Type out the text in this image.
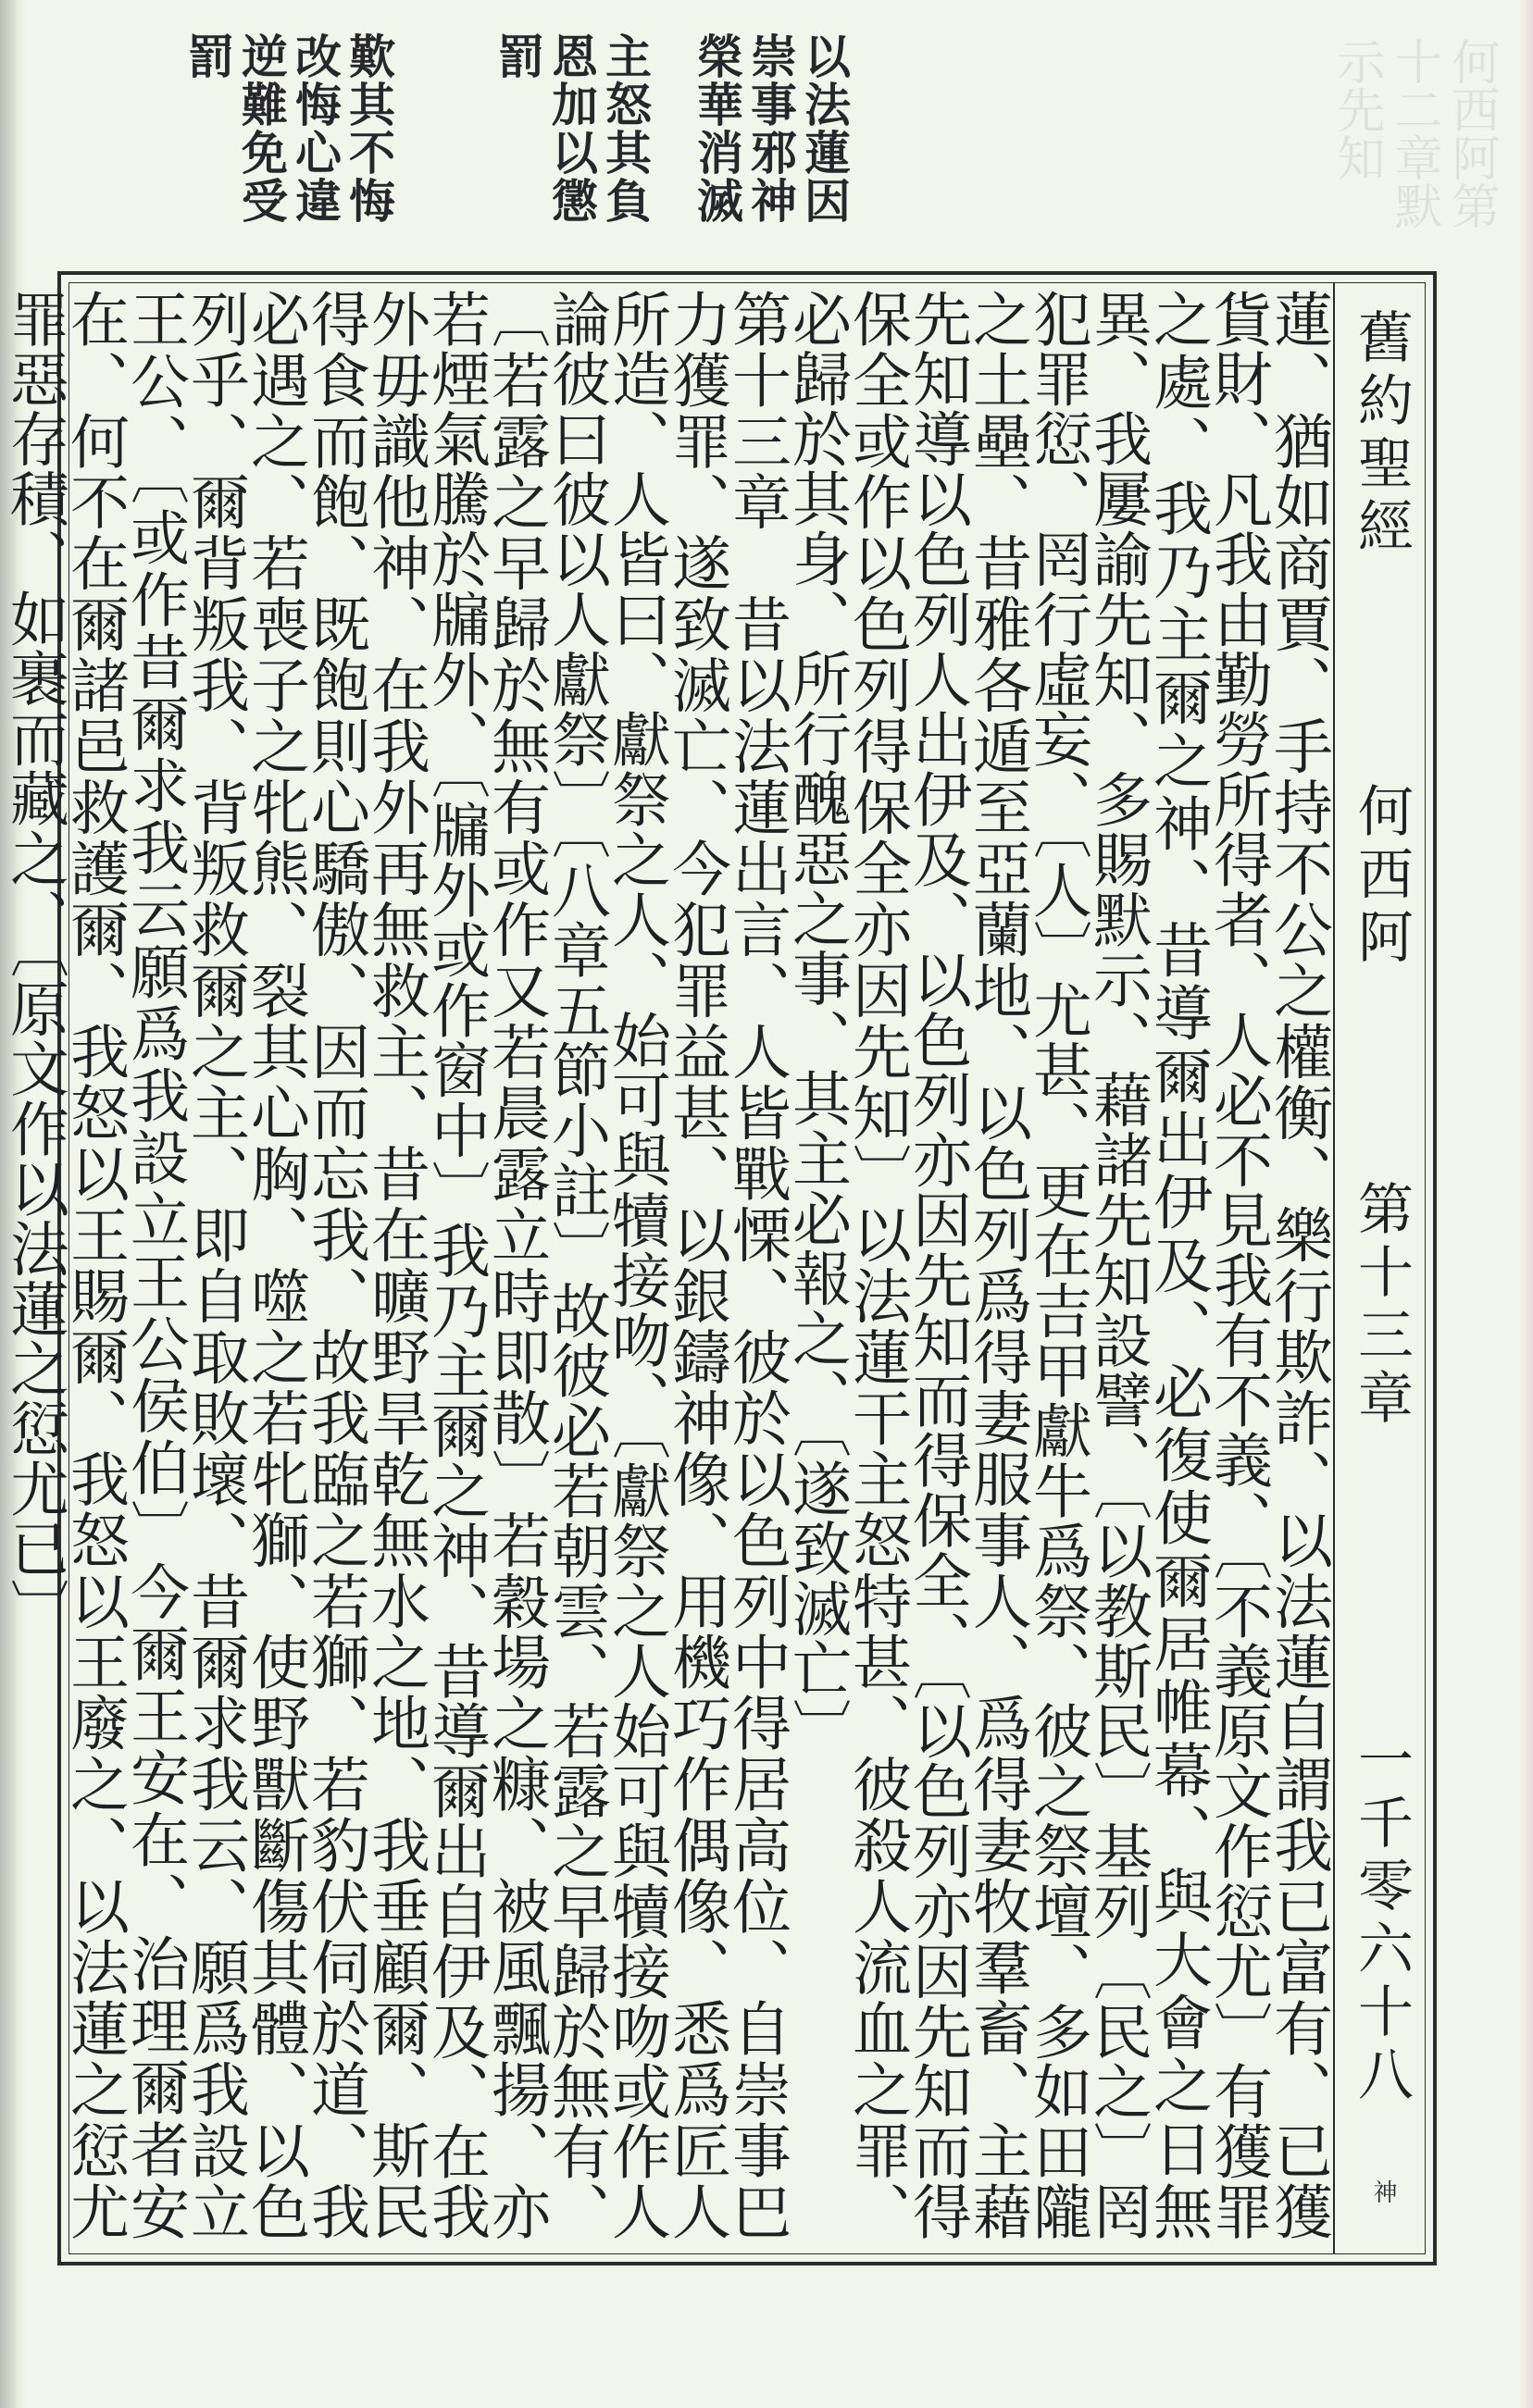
何西阿第十二章默示先知
以法蓮因崇事邪神榮華消滅
主怒其負恩加以懲罰
歎其不悔改悔心違逆難免受罰
舊約聖經
何西阿
第十三章
一千零六十八
神

蓮、猶如商賈、手持不公之權衡、樂行欺詐、以法蓮自謂我已富有、已獲貨財、凡我由勤勞所得者、人必不見我有不義、〔不義原文作愆尤〕有獲罪之處、我乃主爾之神、昔導爾出伊及、必復使爾居帷幕、與大會之日無異、我屢諭先知、多賜默示、藉諸先知設譬、〔以教斯民〕基列〔民之〕罔犯罪愆、罔行虛妄、〔人〕尤甚、更在吉甲獻牛爲祭、彼之祭壇、多如田隴之土壘、昔雅各遁至亞蘭地、以色列爲得妻服事人、爲得妻牧羣畜、主藉先知導以色列人出伊及、以色列亦因先知而得保全、〔以色列亦因先知而得保全或作以色列得保全亦因先知〕以法蓮干主怒特甚、彼殺人流血之罪、必歸於其身、所行醜惡之事、其主必報之、〔遂致滅亡〕

第十三章　昔以法蓮出言、人皆戰慄、彼於以色列中得居高位、自崇事巴力獲罪、遂致滅亡、今犯罪益甚、以銀鑄神像、用機巧作偶像、悉爲匠人所造、人皆曰、獻祭之人、始可與犢接吻、〔獻祭之人始可與犢接吻或作人論彼曰彼以人獻祭〕〔八章五節小註〕故彼必若朝雲、若露之早歸於無有、〔若露之早歸於無有或作又若晨露立時即散〕若穀場之糠、被風飄揚、亦若煙氣騰於牖外、〔牖外或作窗中〕我乃主爾之神、昔導爾出自伊及、在我外毋識他神、在我外再無救主、昔在曠野旱乾無水之地、我垂顧爾、斯民得食而飽、既飽則心驕傲、因而忘我、故我臨之若獅、若豹伏伺於道、我必遇之、若喪子之牝熊、裂其心胸、噬之若牝獅、使野獸斷傷其體、以色列乎、爾背叛我、背叛救爾之主、即自取敗壞、昔爾求我云、願爲我設立王公、〔或作昔爾求我云願爲我設立王公侯伯〕今爾王安在、治理爾者安在、何不在爾諸邑救護爾、我怒以王賜爾、我怒以王廢之、以法蓮之愆尤罪惡存積、如裹而藏之、〔原文作以法蓮之愆尤已〕
